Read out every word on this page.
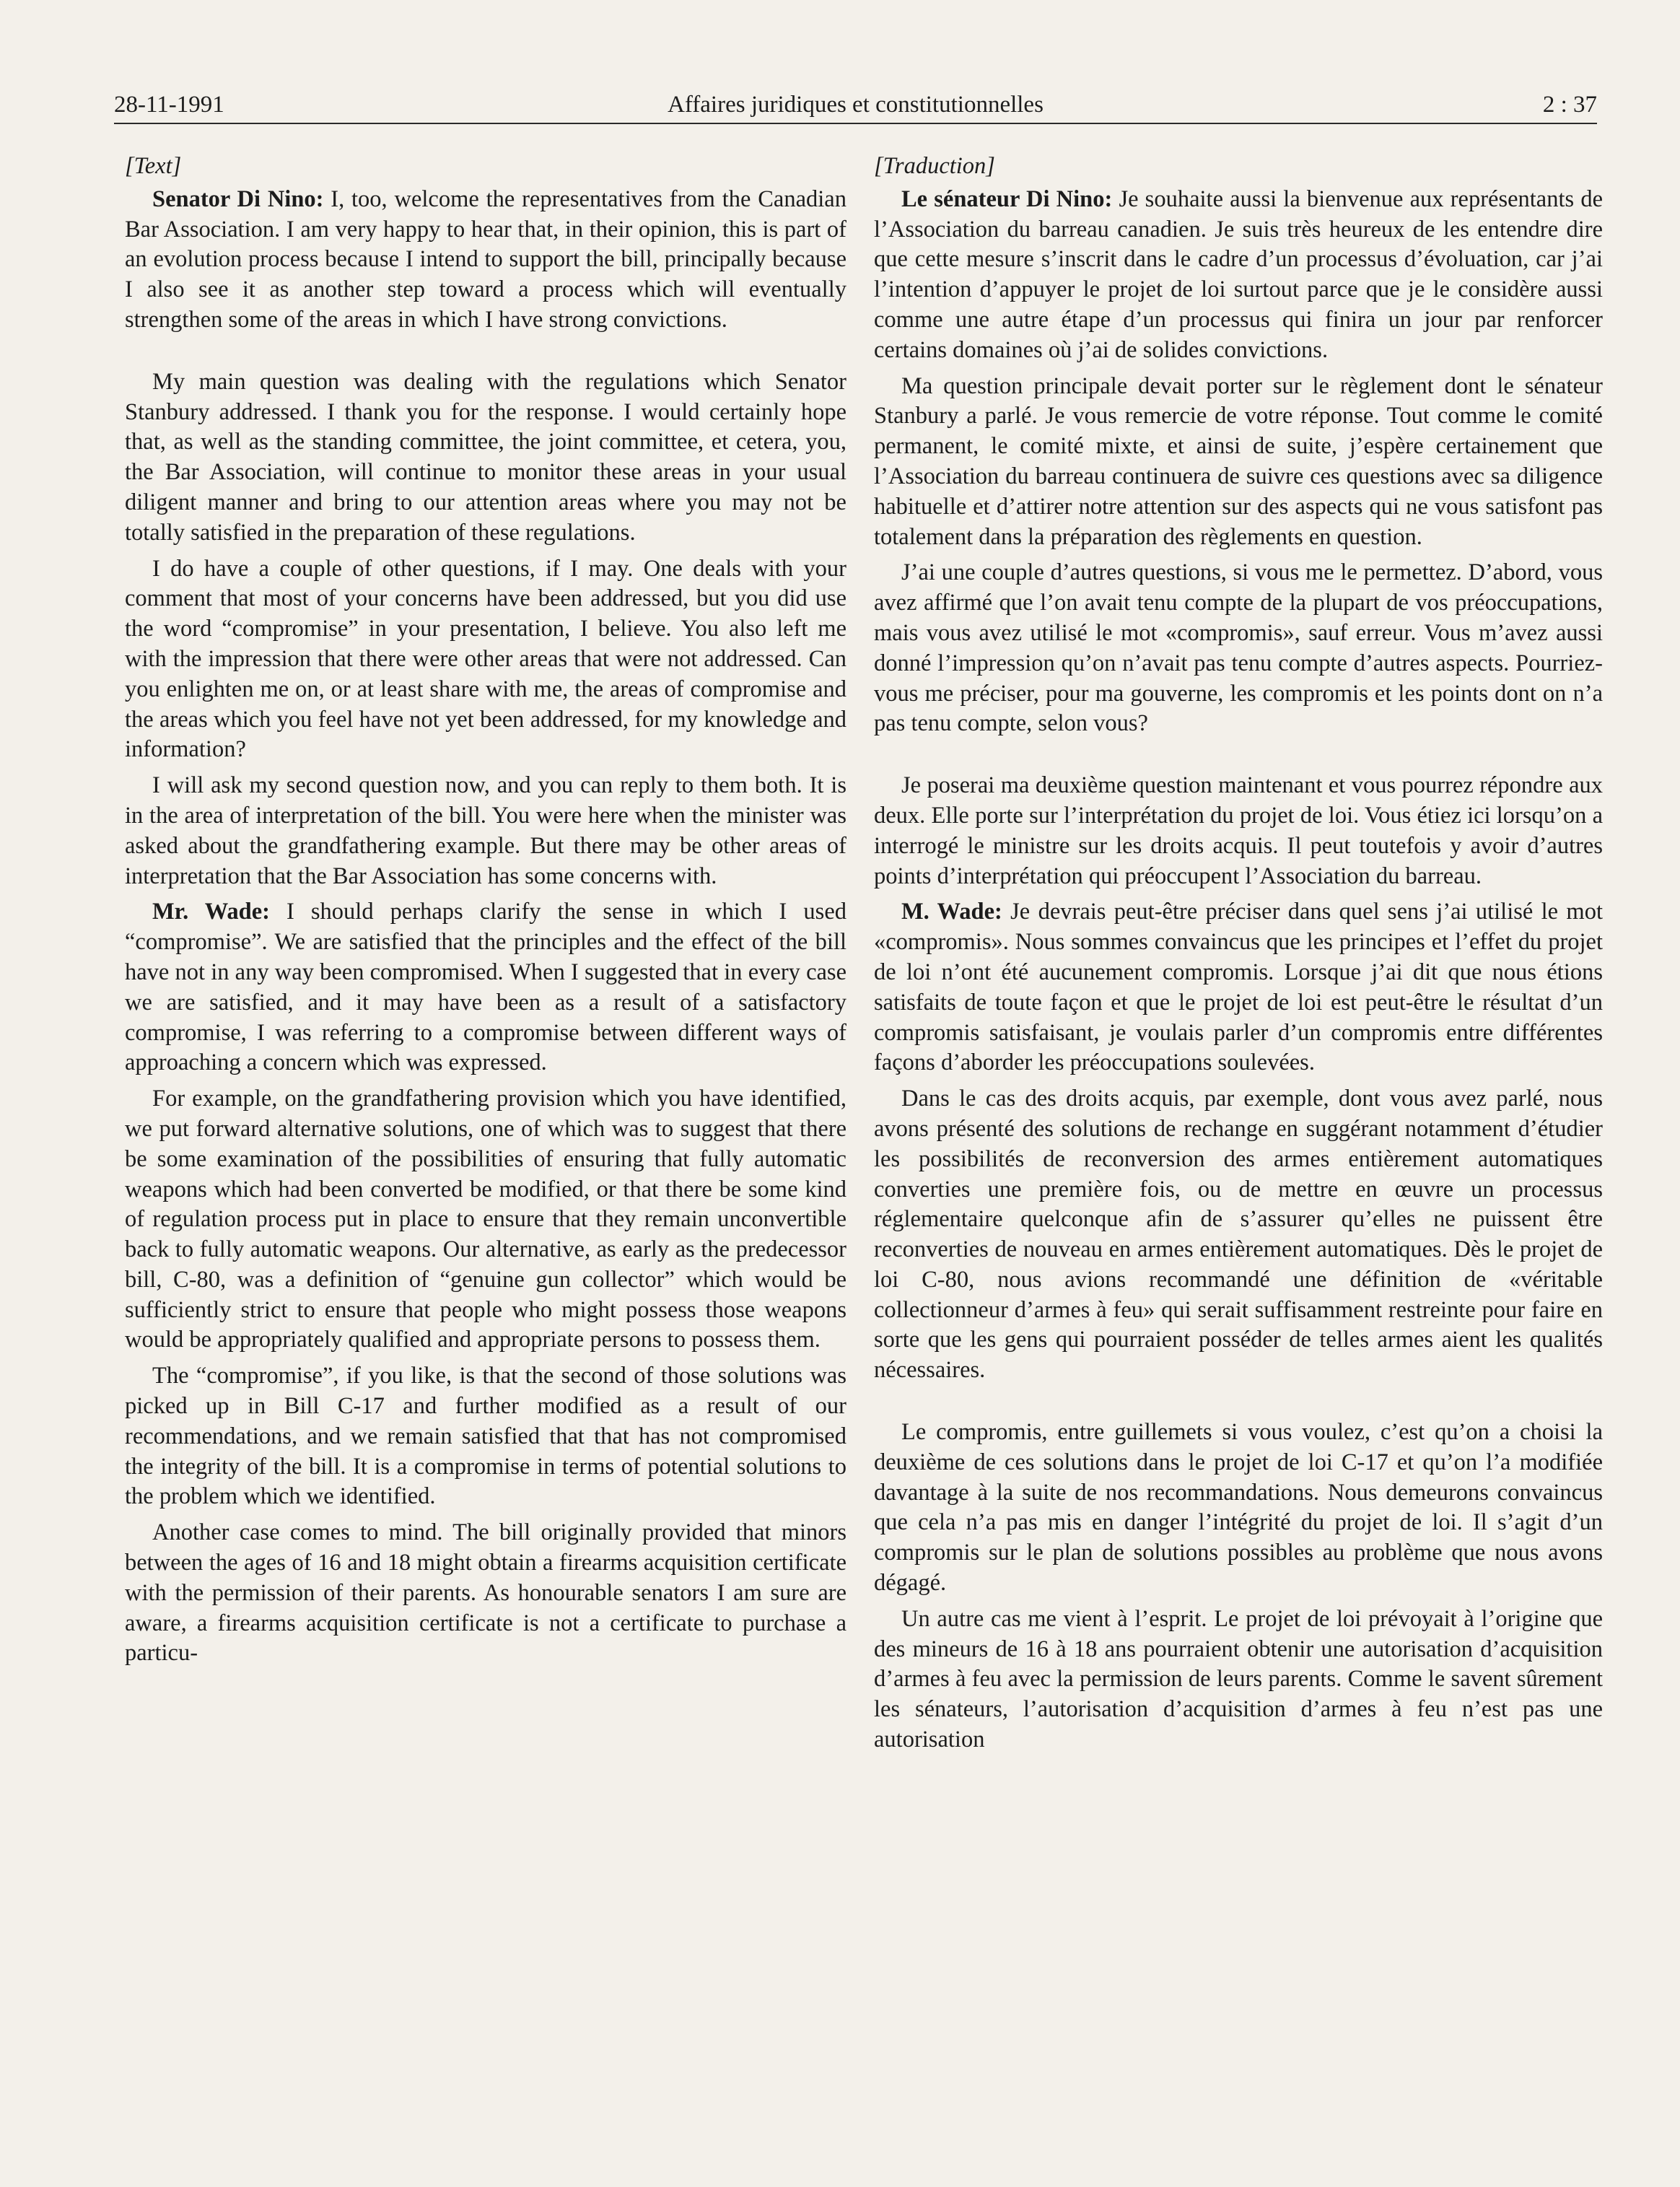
28-11-1991	Affaires juridiques et constitutionnelles	2 : 37

[Text]

Senator Di Nino: I, too, welcome the representatives from the Canadian Bar Association. I am very happy to hear that, in their opinion, this is part of an evolution process because I intend to support the bill, principally because I also see it as another step toward a process which will eventually strengthen some of the areas in which I have strong convictions.

My main question was dealing with the regulations which Senator Stanbury addressed. I thank you for the response. I would certainly hope that, as well as the standing committee, the joint committee, et cetera, you, the Bar Association, will continue to monitor these areas in your usual diligent manner and bring to our attention areas where you may not be totally satisfied in the preparation of these regulations.

I do have a couple of other questions, if I may. One deals with your comment that most of your concerns have been addressed, but you did use the word “compromise” in your presentation, I believe. You also left me with the impression that there were other areas that were not addressed. Can you enlighten me on, or at least share with me, the areas of compromise and the areas which you feel have not yet been addressed, for my knowledge and information?

I will ask my second question now, and you can reply to them both. It is in the area of interpretation of the bill. You were here when the minister was asked about the grandfathering example. But there may be other areas of interpretation that the Bar Association has some concerns with.

Mr. Wade: I should perhaps clarify the sense in which I used “compromise”. We are satisfied that the principles and the effect of the bill have not in any way been compromised. When I suggested that in every case we are satisfied, and it may have been as a result of a satisfactory compromise, I was referring to a compromise between different ways of approaching a concern which was expressed.

For example, on the grandfathering provision which you have identified, we put forward alternative solutions, one of which was to suggest that there be some examination of the possibilities of ensuring that fully automatic weapons which had been converted be modified, or that there be some kind of regulation process put in place to ensure that they remain unconvertible back to fully automatic weapons. Our alternative, as early as the predecessor bill, C-80, was a definition of “genuine gun collector” which would be sufficiently strict to ensure that people who might possess those weapons would be appropriately qualified and appropriate persons to possess them.

The “compromise”, if you like, is that the second of those solutions was picked up in Bill C-17 and further modified as a result of our recommendations, and we remain satisfied that that has not compromised the integrity of the bill. It is a compromise in terms of potential solutions to the problem which we identified.

Another case comes to mind. The bill originally provided that minors between the ages of 16 and 18 might obtain a firearms acquisition certificate with the permission of their parents. As honourable senators I am sure are aware, a firearms acquisition certificate is not a certificate to purchase a particu-

[Traduction]

Le sénateur Di Nino: Je souhaite aussi la bienvenue aux représentants de l’Association du barreau canadien. Je suis très heureux de les entendre dire que cette mesure s’inscrit dans le cadre d’un processus d’évoluation, car j’ai l’intention d’appuyer le projet de loi surtout parce que je le considère aussi comme une autre étape d’un processus qui finira un jour par renforcer certains domaines où j’ai de solides convictions.

Ma question principale devait porter sur le règlement dont le sénateur Stanbury a parlé. Je vous remercie de votre réponse. Tout comme le comité permanent, le comité mixte, et ainsi de suite, j’espère certainement que l’Association du barreau continuera de suivre ces questions avec sa diligence habituelle et d’attirer notre attention sur des aspects qui ne vous satisfont pas totalement dans la préparation des règlements en question.

J’ai une couple d’autres questions, si vous me le permettez. D’abord, vous avez affirmé que l’on avait tenu compte de la plupart de vos préoccupations, mais vous avez utilisé le mot «compromis», sauf erreur. Vous m’avez aussi donné l’impression qu’on n’avait pas tenu compte d’autres aspects. Pourriez-vous me préciser, pour ma gouverne, les compromis et les points dont on n’a pas tenu compte, selon vous?

Je poserai ma deuxième question maintenant et vous pourrez répondre aux deux. Elle porte sur l’interprétation du projet de loi. Vous étiez ici lorsqu’on a interrogé le ministre sur les droits acquis. Il peut toutefois y avoir d’autres points d’interprétation qui préoccupent l’Association du barreau.

M. Wade: Je devrais peut-être préciser dans quel sens j’ai utilisé le mot «compromis». Nous sommes convaincus que les principes et l’effet du projet de loi n’ont été aucunement compromis. Lorsque j’ai dit que nous étions satisfaits de toute façon et que le projet de loi est peut-être le résultat d’un compromis satisfaisant, je voulais parler d’un compromis entre différentes façons d’aborder les préoccupations soulevées.

Dans le cas des droits acquis, par exemple, dont vous avez parlé, nous avons présenté des solutions de rechange en suggérant notamment d’étudier les possibilités de reconversion des armes entièrement automatiques converties une première fois, ou de mettre en œuvre un processus réglementaire quelconque afin de s’assurer qu’elles ne puissent être reconverties de nouveau en armes entièrement automatiques. Dès le projet de loi C-80, nous avions recommandé une définition de «véritable collectionneur d’armes à feu» qui serait suffisamment restreinte pour faire en sorte que les gens qui pourraient posséder de telles armes aient les qualités nécessaires.

Le compromis, entre guillemets si vous voulez, c’est qu’on a choisi la deuxième de ces solutions dans le projet de loi C-17 et qu’on l’a modifiée davantage à la suite de nos recommandations. Nous demeurons convaincus que cela n’a pas mis en danger l’intégrité du projet de loi. Il s’agit d’un compromis sur le plan de solutions possibles au problème que nous avons dégagé.

Un autre cas me vient à l’esprit. Le projet de loi prévoyait à l’origine que des mineurs de 16 à 18 ans pourraient obtenir une autorisation d’acquisition d’armes à feu avec la permission de leurs parents. Comme le savent sûrement les sénateurs, l’autorisation d’acquisition d’armes à feu n’est pas une autorisation
